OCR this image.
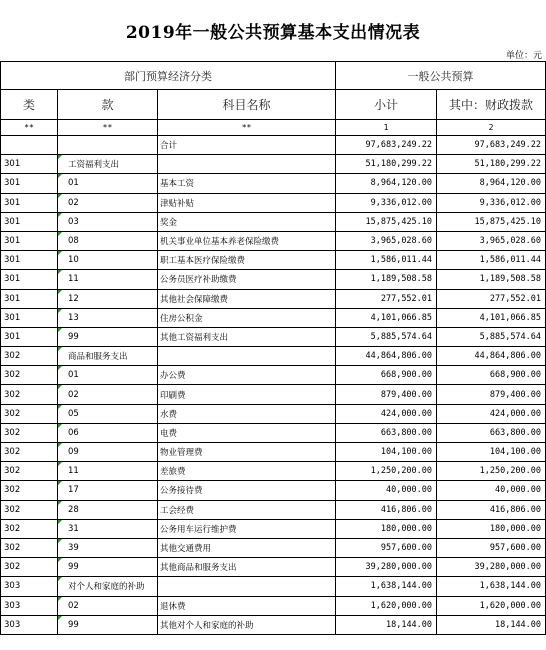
2019年一般公共预算基本支出情况表
单位：元
部门预算经济分类			一般公共预算	
类	款	科目名称	小计	其中：财政拨款
**	**	**	1	2
		合计	97,683,249.22	97,683,249.22
301	工资福利支出		51,180,299.22	51,180,299.22
301	01	基本工资	8,964,120.00	8,964,120.00
301	02	津贴补贴	9,336,012.00	9,336,012.00
301	03	奖金	15,875,425.10	15,875,425.10
301	08	机关事业单位基本养老保险缴费	3,965,028.60	3,965,028.60
301	10	职工基本医疗保险缴费	1,586,011.44	1,586,011.44
301	11	公务员医疗补助缴费	1,189,508.58	1,189,508.58
301	12	其他社会保障缴费	277,552.01	277,552.01
301	13	住房公积金	4,101,066.85	4,101,066.85
301	99	其他工资福利支出	5,885,574.64	5,885,574.64
302	商品和服务支出		44,864,806.00	44,864,806.00
302	01	办公费	668,900.00	668,900.00
302	02	印刷费	879,400.00	879,400.00
302	05	水费	424,000.00	424,000.00
302	06	电费	663,800.00	663,800.00
302	09	物业管理费	104,100.00	104,100.00
302	11	差旅费	1,250,200.00	1,250,200.00
302	17	公务接待费	40,000.00	40,000.00
302	28	工会经费	416,806.00	416,806.00
302	31	公务用车运行维护费	180,000.00	180,000.00
302	39	其他交通费用	957,600.00	957,600.00
302	99	其他商品和服务支出	39,280,000.00	39,280,000.00
303	对个人和家庭的补助		1,638,144.00	1,638,144.00
303	02	退休费	1,620,000.00	1,620,000.00
303	99	其他对个人和家庭的补助	18,144.00	18,144.00
